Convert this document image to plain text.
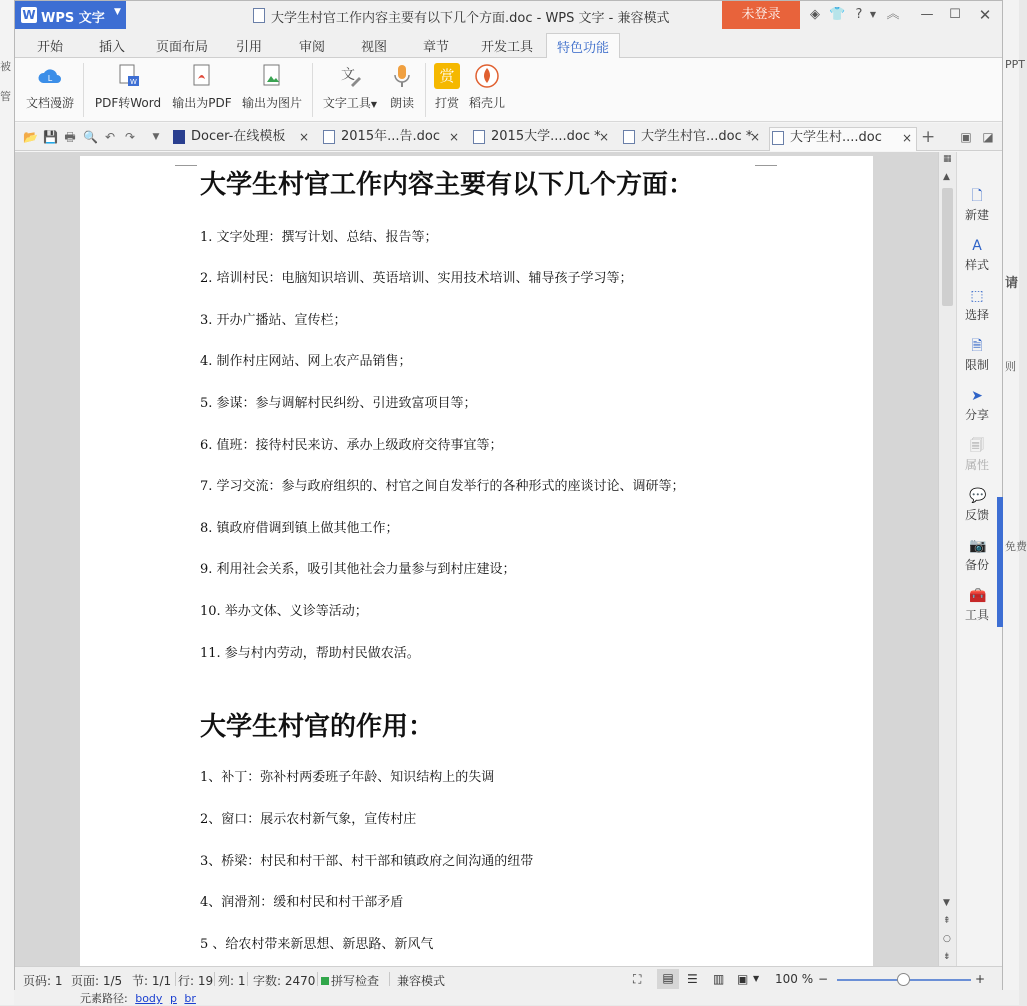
被
管
PPT
请
则
免费
元素路径: body p br
W WPS 文字 ▼	大学生村官工作内容主要有以下几个方面.doc - WPS 文字 - 兼容模式	未登录	◈ 👕 ? ▼ ︽ — ☐ ✕
开始	插入 页面布局 引用	审阅	视图	章节 开发工具	特色功能
L
文档漫游
W
PDF转Word 输出为PDF 输出为图片
文
文字工具▼	朗读
赏
打赏 稻壳儿
📂 💾 🖶 🔍 ↶ ↷	▼	Docer-在线模板 ×	2015年...告.doc ×	2015大学....doc *
×	大学生村官...doc *
×	大学生村....doc × + ▣ ◪
大学生村官工作内容主要有以下几个方面：
1. 文字处理：撰写计划、总结、报告等；
2. 培训村民：电脑知识培训、英语培训、实用技术培训、辅导孩子学习等；
3. 开办广播站、宣传栏；
4. 制作村庄网站、网上农产品销售；
5. 参谋：参与调解村民纠纷、引进致富项目等；
6. 值班：接待村民来访、承办上级政府交待事宜等；
7. 学习交流：参与政府组织的、村官之间自发举行的各种形式的座谈讨论、调研等；
8. 镇政府借调到镇上做其他工作；
9. 利用社会关系，吸引其他社会力量参与到村庄建设；
10. 举办文体、义诊等活动；
11. 参与村内劳动，帮助村民做农活。
大学生村官的作用：
1、补丁：弥补村两委班子年龄、知识结构上的失调
2、窗口：展示农村新气象，宣传村庄
3、桥梁：村民和村干部、村干部和镇政府之间沟通的纽带
4、润滑剂：缓和村民和村干部矛盾
5 、给农村带来新思想、新思路、新风气
▦
▲
▼
⇞
○
⇟
🗋
新建
A
样式
⬚
选择
🗎
限制
➤
分享
🗐
属性
💬
反馈
📷
备份
🧰
工具
页码: 1 页面: 1/5 节: 1/1 行: 19 列: 1 字数: 2470	拼写检查 兼容模式	⛶	▤	☰ ▥ ▣ ▼ 100 % −	+
